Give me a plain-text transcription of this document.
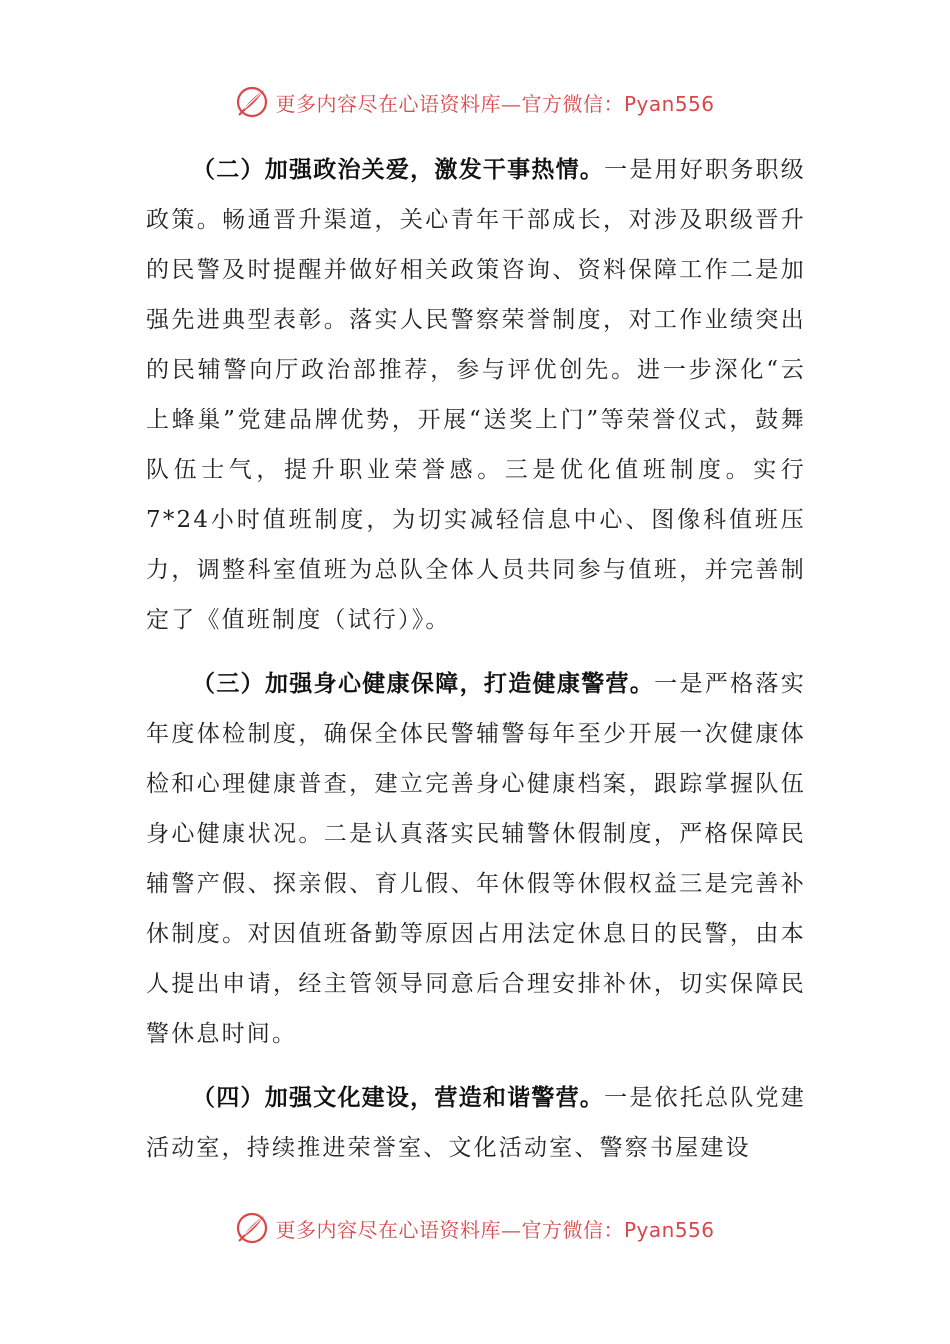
更多内容尽在心语资料库—官方微信：Pyan556

（二）加强政治关爱，激发干事热情。一是用好职务职级政策。畅通晋升渠道，关心青年干部成长，对涉及职级晋升的民警及时提醒并做好相关政策咨询、资料保障工作二是加强先进典型表彰。落实人民警察荣誉制度，对工作业绩突出的民辅警向厅政治部推荐，参与评优创先。进一步深化“云上蜂巢”党建品牌优势，开展“送奖上门”等荣誉仪式，鼓舞队伍士气，提升职业荣誉感。三是优化值班制度。实行7*24小时值班制度，为切实减轻信息中心、图像科值班压力，调整科室值班为总队全体人员共同参与值班，并完善制定了《值班制度（试行）》。

（三）加强身心健康保障，打造健康警营。一是严格落实年度体检制度，确保全体民警辅警每年至少开展一次健康体检和心理健康普查，建立完善身心健康档案，跟踪掌握队伍身心健康状况。二是认真落实民辅警休假制度，严格保障民辅警产假、探亲假、育儿假、年休假等休假权益三是完善补休制度。对因值班备勤等原因占用法定休息日的民警，由本人提出申请，经主管领导同意后合理安排补休，切实保障民警休息时间。

（四）加强文化建设，营造和谐警营。一是依托总队党建活动室，持续推进荣誉室、文化活动室、警察书屋建设

更多内容尽在心语资料库—官方微信：Pyan556
